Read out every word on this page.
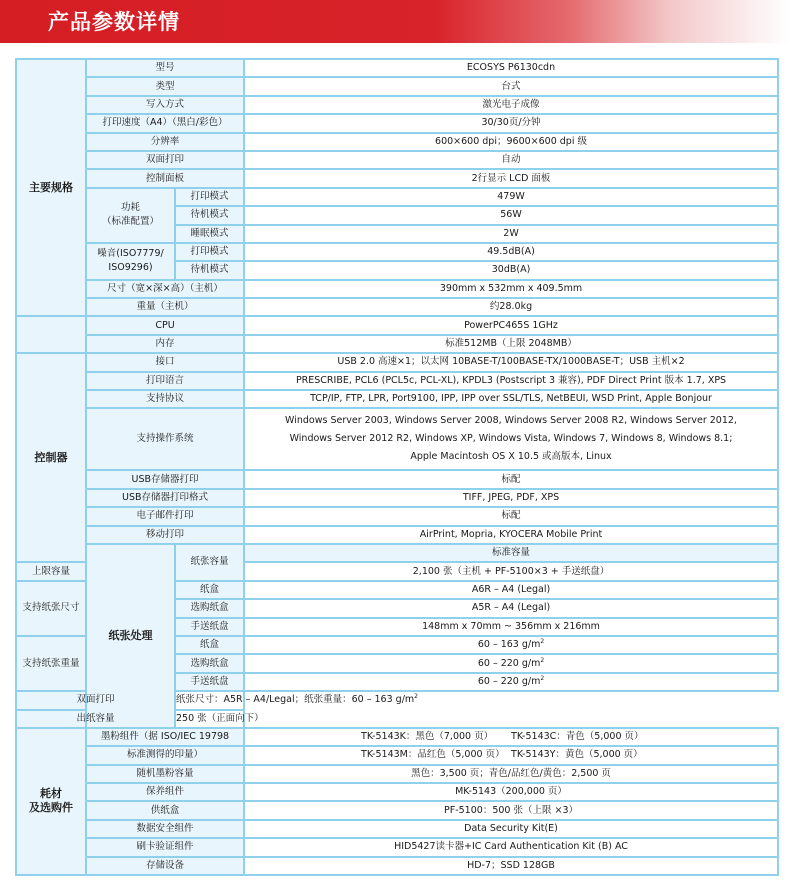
产品参数详情
主要规格	型号		ECOSYS P6130cdn	
	类型		台式	
	写入方式		激光电子成像	
	打印速度（A4）（黑白/彩色）		30/30页/分钟	
	分辨率		600×600 dpi；9600×600 dpi 级	
	双面打印		自动	
	控制面板		2行显示 LCD 面板	

	功耗
（标准配置）	打印模式	479W	
		待机模式	56W	
		睡眠模式	2W	

	噪音(ISO7779/
ISO9296)	打印模式	49.5dB(A)	
		待机模式	30dB(A)	
	尺寸（宽×深×高）（主机）		390mm x 532mm x 409.5mm	
	重量（主机）		约28.0kg	
	CPU		PowerPC465S 1GHz	
	内存		标准512MB（上限 2048MB）	
控制器	接口		USB 2.0 高速×1；以太网 10BASE-T/100BASE-TX/1000BASE-T；USB 主机×2	
	打印语言		PRESCRIBE, PCL6 (PCL5c, PCL-XL), KPDL3 (Postscript 3 兼容), PDF Direct Print 版本 1.7, XPS	
	支持协议		TCP/IP, FTP, LPR, Port9100, IPP, IPP over SSL/TLS, NetBEUI, WSD Print, Apple Bonjour	
	支持操作系统		Windows Server 2003, Windows Server 2008, Windows Server 2008 R2, Windows Server 2012,
Windows Server 2012 R2, Windows XP, Windows Vista, Windows 7, Windows 8, Windows 8.1;
Apple Macintosh OS X 10.5 或高版本, Linux	

	USB存储器打印		标配	
	USB存储器打印格式		TIFF, JPEG, PDF, XPS	
	电子邮件打印		标配	
	移动打印		AirPrint, Mopria, KYOCERA Mobile Print	
	纸张处理	纸张容量	标准容量	
上限容量			2,100 张（主机 + PF-5100×3 + 手送纸盘）	
支持纸张尺寸		纸盒	A6R – A4 (Legal)	
		选购纸盒	A5R – A4 (Legal)	
		手送纸盘	148mm x 70mm ~ 356mm x 216mm	
支持纸张重量		纸盒	60 – 163 $g/m^2$
		选购纸盒	60 – 220 $g/m^2$
		手送纸盘	60 – 220 $g/m^2$
双面打印		纸张尺寸：A5R – A4/Legal；纸张重量：60 – 163 $g/m^2$
出纸容量		250 张（正面向下）		

耗材
及选购件	墨粉组件（据 ISO/IEC 19798		TK-5143K：黑色（7,000 页） TK-5143C：青色（5,000 页）	
	标准测得的印量）		TK-5143M：品红色（5,000 页） TK-5143Y：黄色（5,000 页）	
	随机墨粉容量		黑色：3,500 页；青色/品红色/黄色：2,500 页	
	保养组件		MK-5143（200,000 页）	
	供纸盒		PF-5100：500 张（上限 ×3）	
	数据安全组件		Data Security Kit(E)	
	刷卡验证组件		HID5427读卡器+IC Card Authentication Kit (B) AC	
	存储设备		HD-7；SSD 128GB	
